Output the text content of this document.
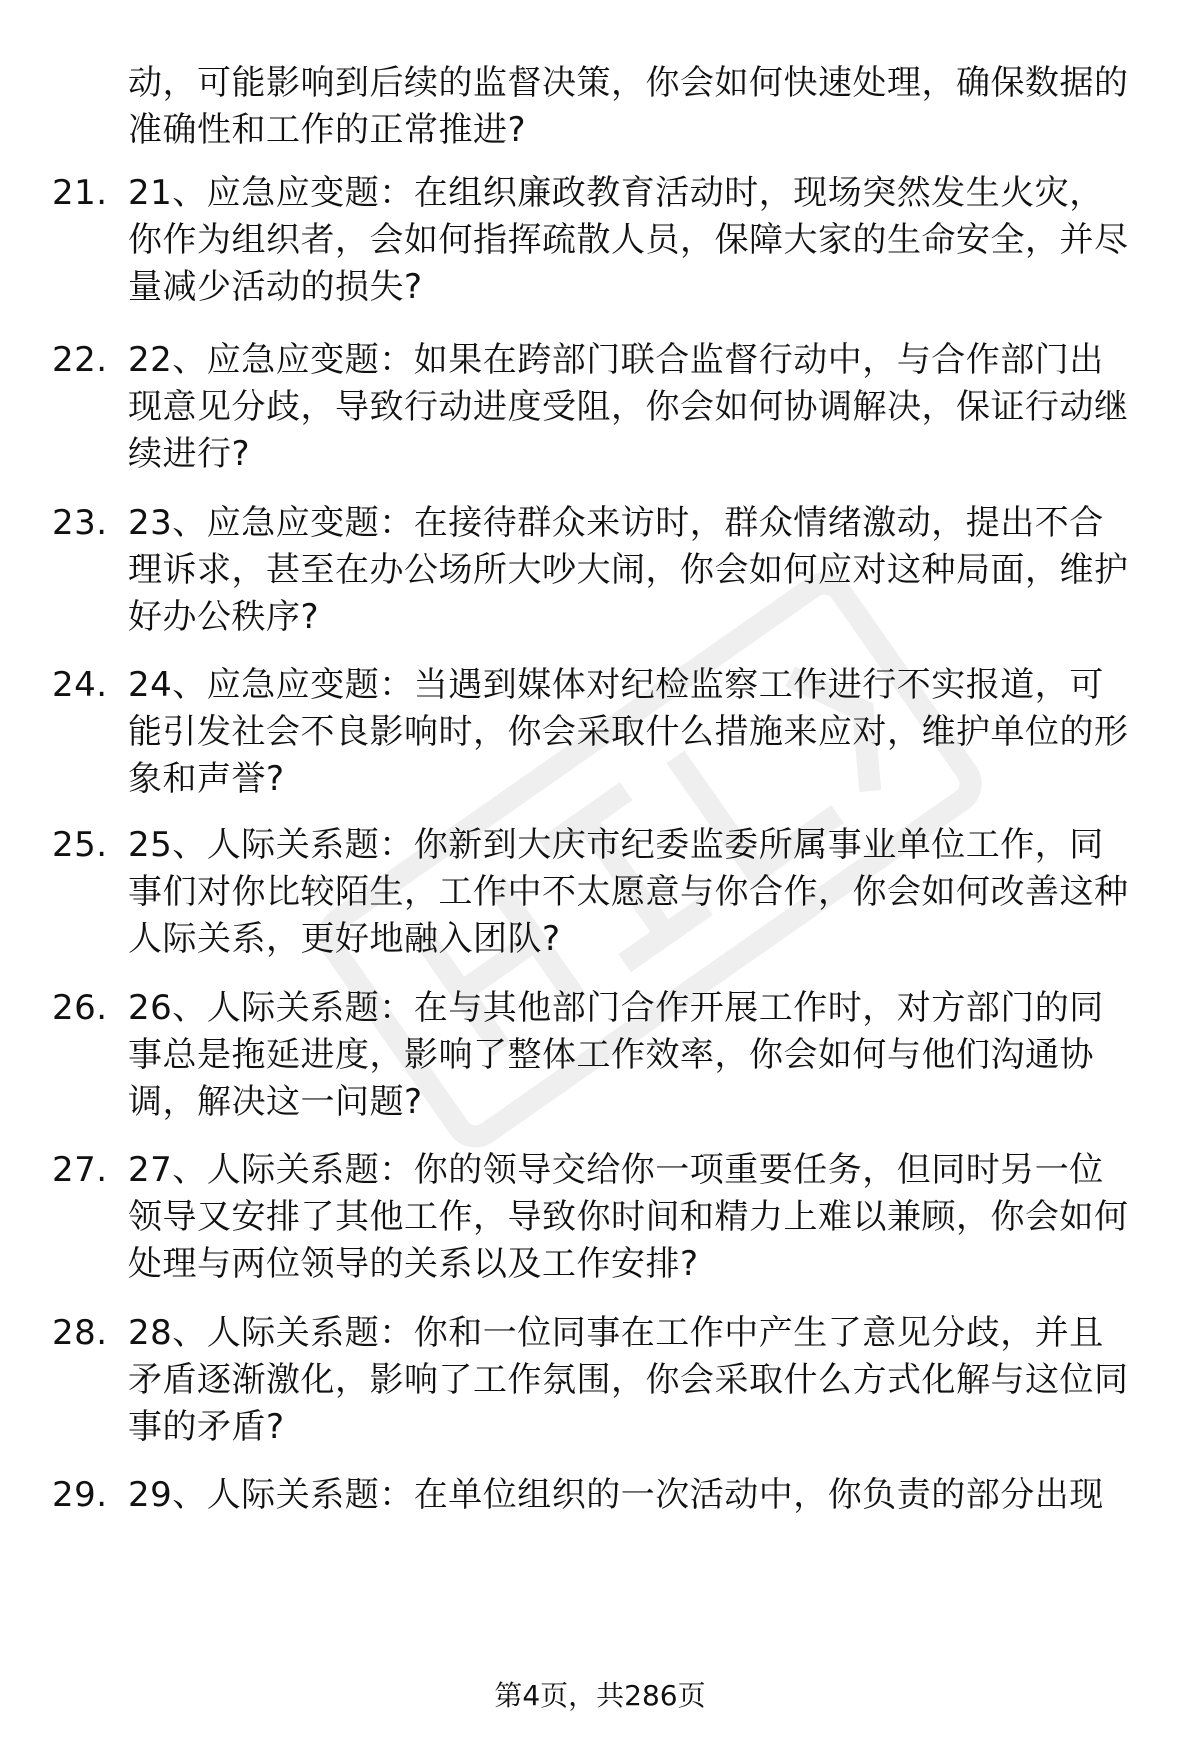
动，可能影响到后续的监督决策，你会如何快速处理，确保数据的准确性和工作的正常推进?
21. 21、应急应变题：在组织廉政教育活动时，现场突然发生火灾，你作为组织者，会如何指挥疏散人员，保障大家的生命安全，并尽量减少活动的损失?
22. 22、应急应变题：如果在跨部门联合监督行动中，与合作部门出现意见分歧，导致行动进度受阻，你会如何协调解决，保证行动继续进行?
23. 23、应急应变题：在接待群众来访时，群众情绪激动，提出不合理诉求，甚至在办公场所大吵大闹，你会如何应对这种局面，维护好办公秩序?
24. 24、应急应变题：当遇到媒体对纪检监察工作进行不实报道，可能引发社会不良影响时，你会采取什么措施来应对，维护单位的形象和声誉?
25. 25、人际关系题：你新到大庆市纪委监委所属事业单位工作，同事们对你比较陌生，工作中不太愿意与你合作，你会如何改善这种人际关系，更好地融入团队?
26. 26、人际关系题：在与其他部门合作开展工作时，对方部门的同事总是拖延进度，影响了整体工作效率，你会如何与他们沟通协调，解决这一问题?
27. 27、人际关系题：你的领导交给你一项重要任务，但同时另一位领导又安排了其他工作，导致你时间和精力上难以兼顾，你会如何处理与两位领导的关系以及工作安排?
28. 28、人际关系题：你和一位同事在工作中产生了意见分歧，并且矛盾逐渐激化，影响了工作氛围，你会采取什么方式化解与这位同事的矛盾?
29. 29、人际关系题：在单位组织的一次活动中，你负责的部分出现
第4页，共286页
